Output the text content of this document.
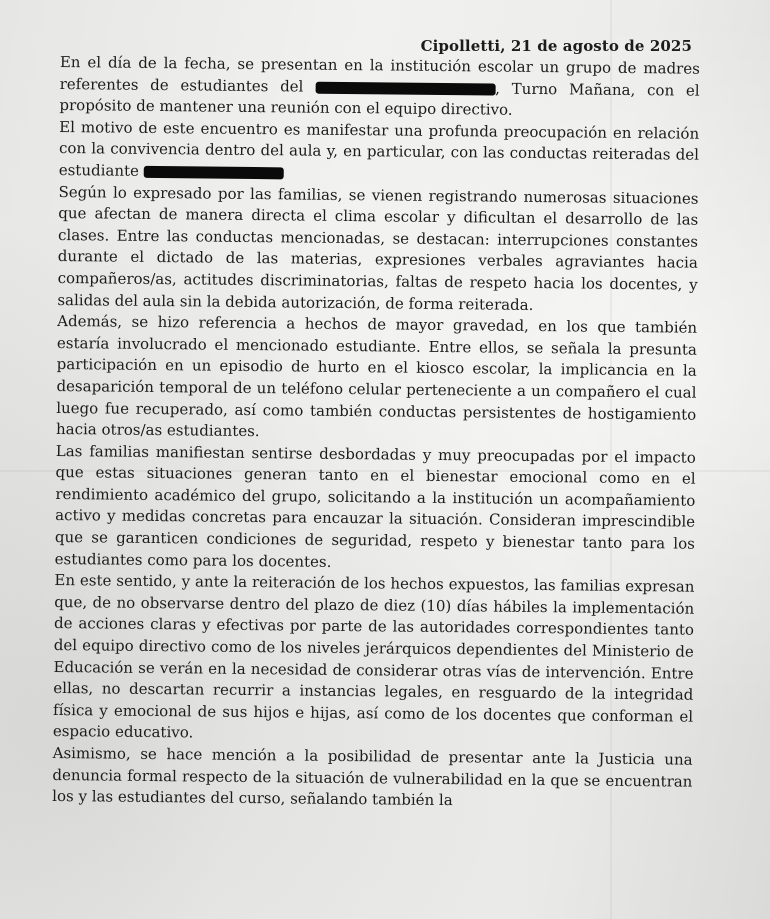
Cipolletti, 21 de agosto de 2025

En el día de la fecha, se presentan en la institución escolar un grupo de madres referentes de estudiantes del	, Turno Mañana, con el propósito de mantener una reunión con el equipo directivo.

El motivo de este encuentro es manifestar una profunda preocupación en relación con la convivencia dentro del aula y, en particular, con las conductas reiteradas del estudiante

Según lo expresado por las familias, se vienen registrando numerosas situaciones que afectan de manera directa el clima escolar y dificultan el desarrollo de las clases. Entre las conductas mencionadas, se destacan: interrupciones constantes durante el dictado de las materias, expresiones verbales agraviantes hacia compañeros/as, actitudes discriminatorias, faltas de respeto hacia los docentes, y salidas del aula sin la debida autorización, de forma reiterada.

Además, se hizo referencia a hechos de mayor gravedad, en los que también estaría involucrado el mencionado estudiante. Entre ellos, se señala la presunta participación en un episodio de hurto en el kiosco escolar, la implicancia en la desaparición temporal de un teléfono celular perteneciente a un compañero el cual luego fue recuperado, así como también conductas persistentes de hostigamiento hacia otros/as estudiantes.

Las familias manifiestan sentirse desbordadas y muy preocupadas por el impacto que estas situaciones generan tanto en el bienestar emocional como en el rendimiento académico del grupo, solicitando a la institución un acompañamiento activo y medidas concretas para encauzar la situación. Consideran imprescindible que se garanticen condiciones de seguridad, respeto y bienestar tanto para los estudiantes como para los docentes.

En este sentido, y ante la reiteración de los hechos expuestos, las familias expresan que, de no observarse dentro del plazo de diez (10) días hábiles la implementación de acciones claras y efectivas por parte de las autoridades correspondientes tanto del equipo directivo como de los niveles jerárquicos dependientes del Ministerio de Educación se verán en la necesidad de considerar otras vías de intervención. Entre ellas, no descartan recurrir a instancias legales, en resguardo de la integridad física y emocional de sus hijos e hijas, así como de los docentes que conforman el espacio educativo.

Asimismo, se hace mención a la posibilidad de presentar ante la Justicia una denuncia formal respecto de la situación de vulnerabilidad en la que se encuentran los y las estudiantes del curso, señalando también la
